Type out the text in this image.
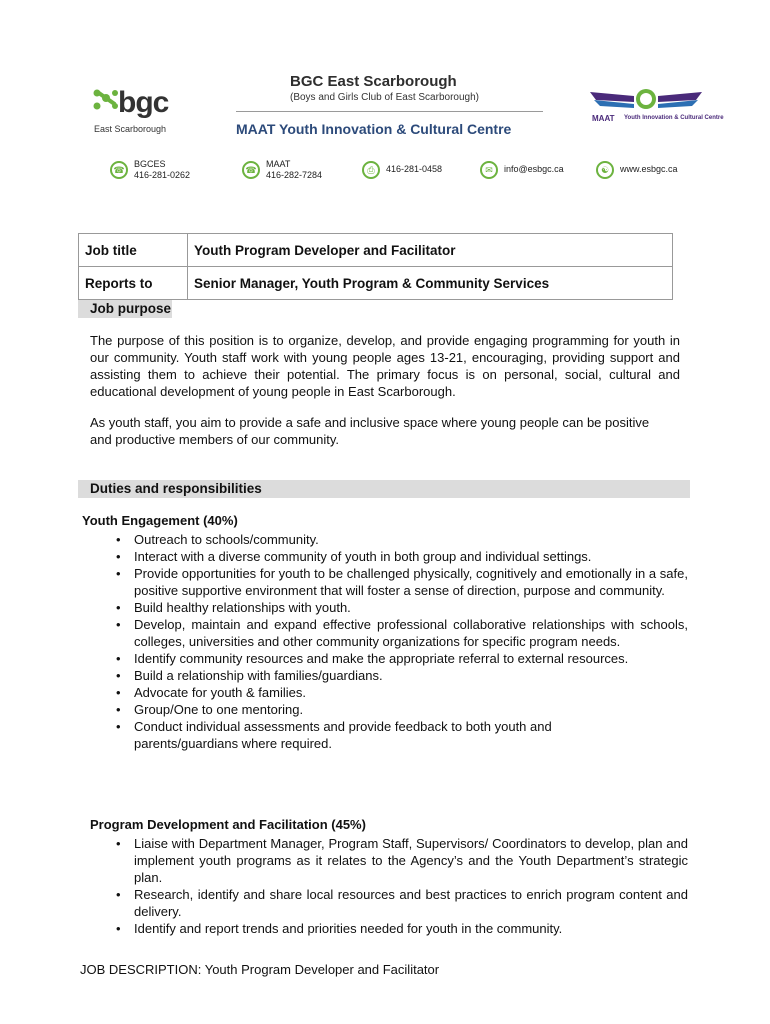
bgc
East Scarborough
BGC East Scarborough
(Boys and Girls Club of East Scarborough)
MAAT Youth Innovation & Cultural Centre
MAAT Youth Innovation & Cultural Centre
☎
BGCES
416-281-0262	☎
MAAT
416-282-7284	⎙	416-281-0458	✉	info@esbgc.ca	☯	www.esbgc.ca
Job title	Youth Program Developer and Facilitator
Reports to	Senior Manager, Youth Program & Community Services
Job purpose
The purpose of this position is to organize, develop, and provide engaging programming for youth in our community. Youth staff work with young people ages 13-21, encouraging, providing support and assisting them to achieve their potential. The primary focus is on personal, social, cultural and educational development of young people in East Scarborough.
As youth staff, you aim to provide a safe and inclusive space where young people can be positive and productive members of our community.
Duties and responsibilities
Youth Engagement (40%)
• Outreach to schools/community.
• Interact with a diverse community of youth in both group and individual settings.
• Provide opportunities for youth to be challenged physically, cognitively and emotionally in a safe, positive supportive environment that will foster a sense of direction, purpose and community.
• Build healthy relationships with youth.
• Develop, maintain and expand effective professional collaborative relationships with schools, colleges, universities and other community organizations for specific program needs.
• Identify community resources and make the appropriate referral to external resources.
• Build a relationship with families/guardians.
• Advocate for youth & families.
• Group/One to one mentoring.
• Conduct individual assessments and provide feedback to both youth and parents/guardians where required.
Program Development and Facilitation (45%)
• Liaise with Department Manager, Program Staff, Supervisors/ Coordinators to develop, plan and implement youth programs as it relates to the Agency’s and the Youth Department’s strategic plan.
• Research, identify and share local resources and best practices to enrich program content and delivery.
• Identify and report trends and priorities needed for youth in the community.
JOB DESCRIPTION: Youth Program Developer and Facilitator
